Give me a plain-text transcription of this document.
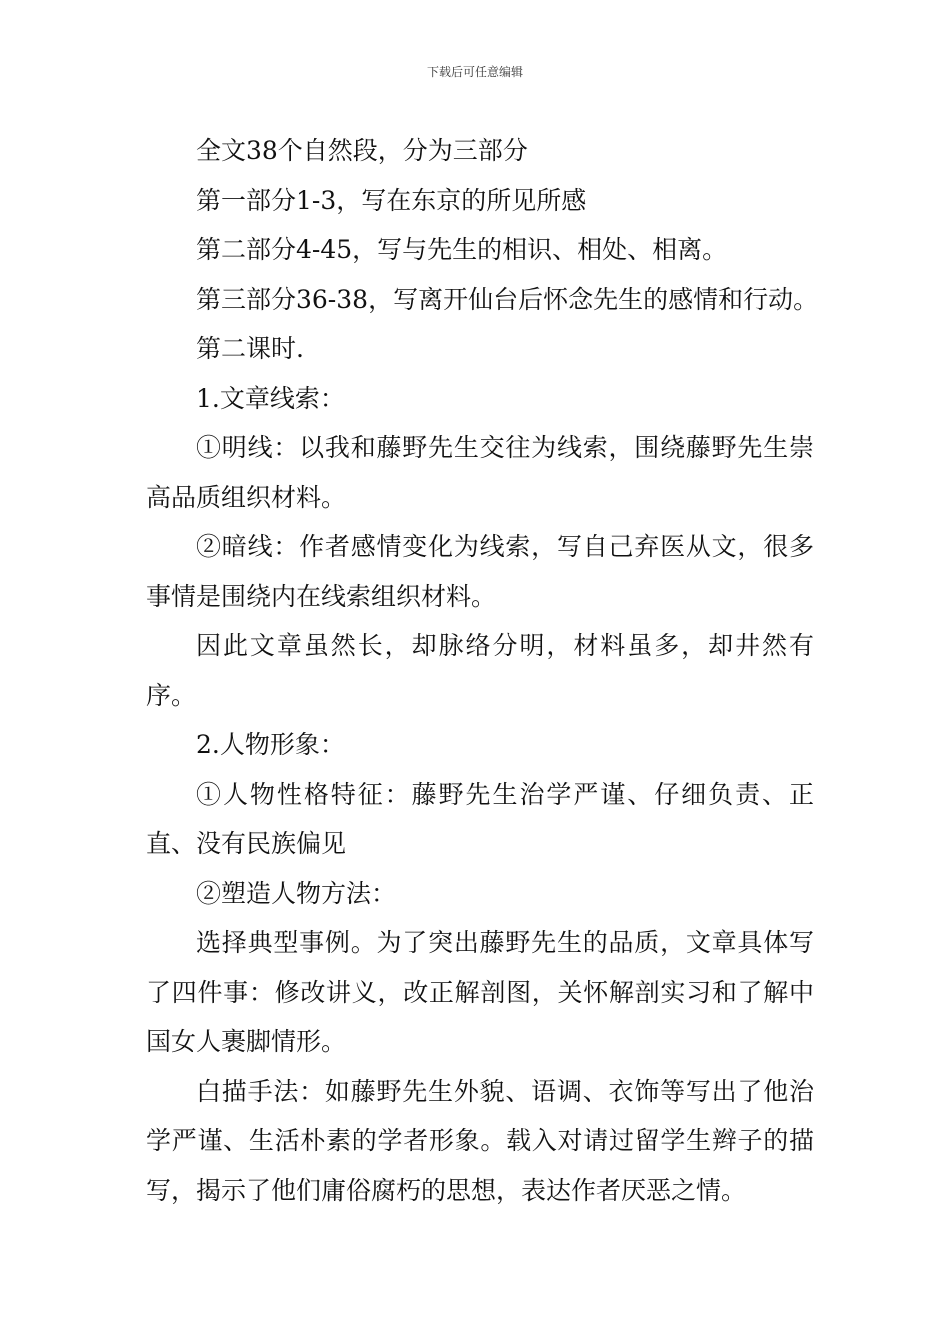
下载后可任意编辑

全文38个自然段，分为三部分

第一部分1-3，写在东京的所见所感

第二部分4-45，写与先生的相识、相处、相离。

第三部分36-38，写离开仙台后怀念先生的感情和行动。

第二课时.

1.文章线索：

①明线：以我和藤野先生交往为线索，围绕藤野先生崇高品质组织材料。

②暗线：作者感情变化为线索，写自己弃医从文，很多事情是围绕内在线索组织材料。

因此文章虽然长，却脉络分明，材料虽多，却井然有序。

2.人物形象：

①人物性格特征：藤野先生治学严谨、仔细负责、正直、没有民族偏见

②塑造人物方法：

选择典型事例。为了突出藤野先生的品质，文章具体写了四件事：修改讲义，改正解剖图，关怀解剖实习和了解中国女人裹脚情形。

白描手法：如藤野先生外貌、语调、衣饰等写出了他治学严谨、生活朴素的学者形象。载入对请过留学生辫子的描写，揭示了他们庸俗腐朽的思想，表达作者厌恶之情。
